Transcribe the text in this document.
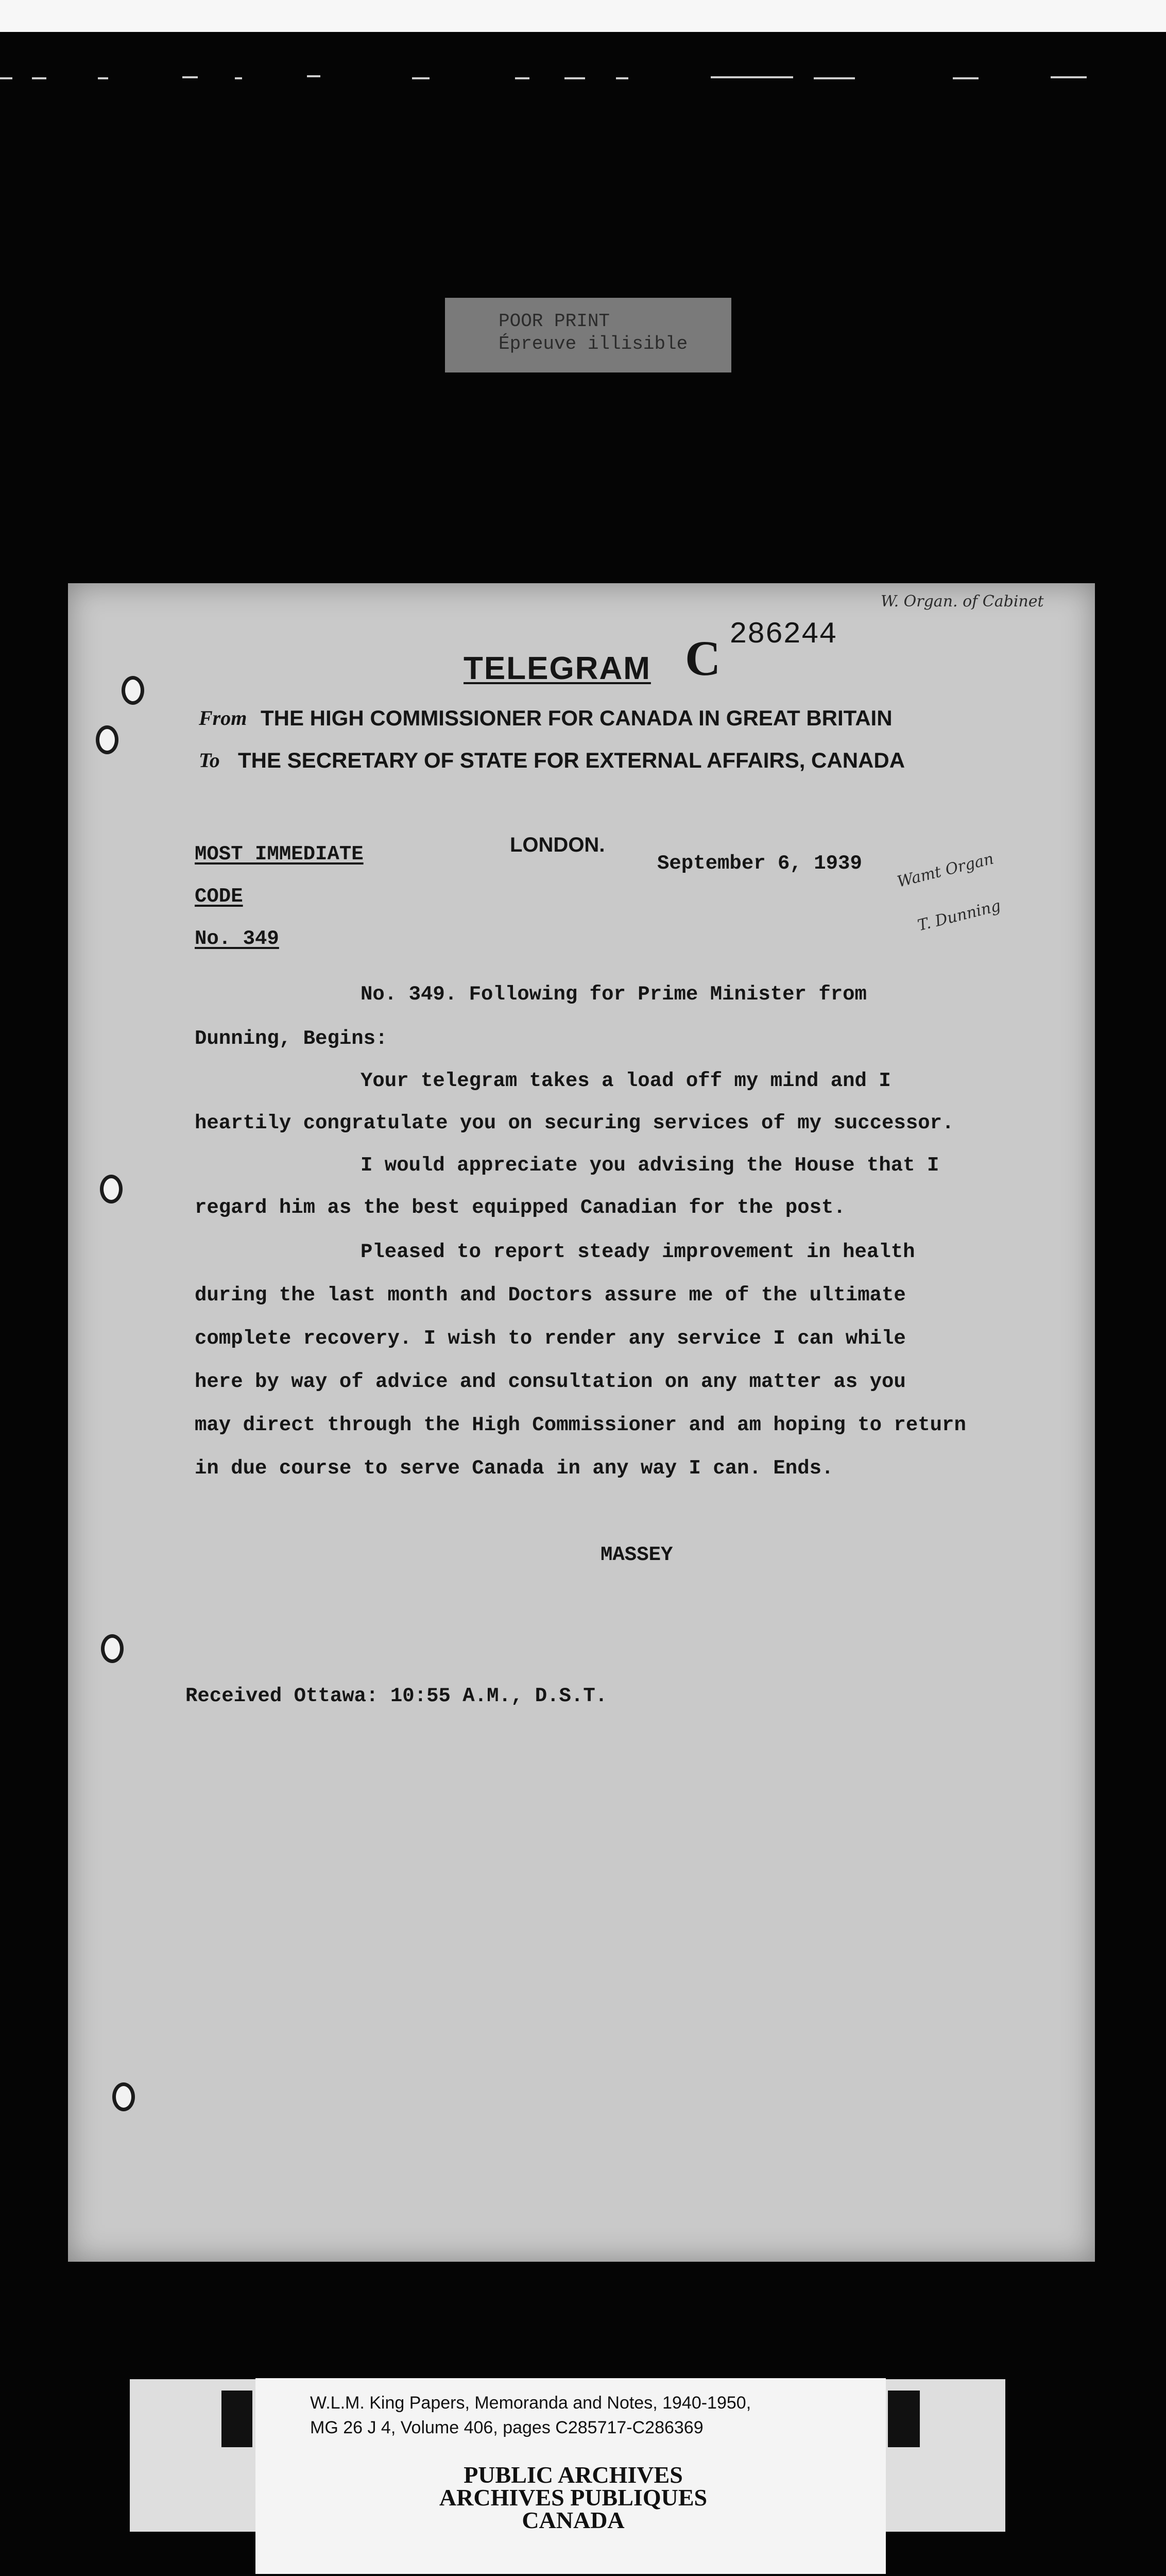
POOR PRINT
Épreuve illisible
W. Organ. of Cabinet
TELEGRAM C 286244
From THE HIGH COMMISSIONER FOR CANADA IN GREAT BRITAIN
To THE SECRETARY OF STATE FOR EXTERNAL AFFAIRS, CANADA
MOST IMMEDIATE
CODE
No. 349
LONDON.
September 6, 1939 Wamt Organ
T. Dunning
No. 349. Following for Prime Minister from
Dunning, Begins:
Your telegram takes a load off my mind and I
heartily congratulate you on securing services of my successor.
I would appreciate you advising the House that I
regard him as the best equipped Canadian for the post.
Pleased to report steady improvement in health
during the last month and Doctors assure me of the ultimate
complete recovery. I wish to render any service I can while
here by way of advice and consultation on any matter as you
may direct through the High Commissioner and am hoping to return
in due course to serve Canada in any way I can. Ends.
MASSEY
Received Ottawa: 10:55 A.M., D.S.T.
W.L.M. King Papers, Memoranda and Notes, 1940-1950,
MG 26 J 4, Volume 406, pages C285717-C286369
PUBLIC ARCHIVES
ARCHIVES PUBLIQUES
CANADA
